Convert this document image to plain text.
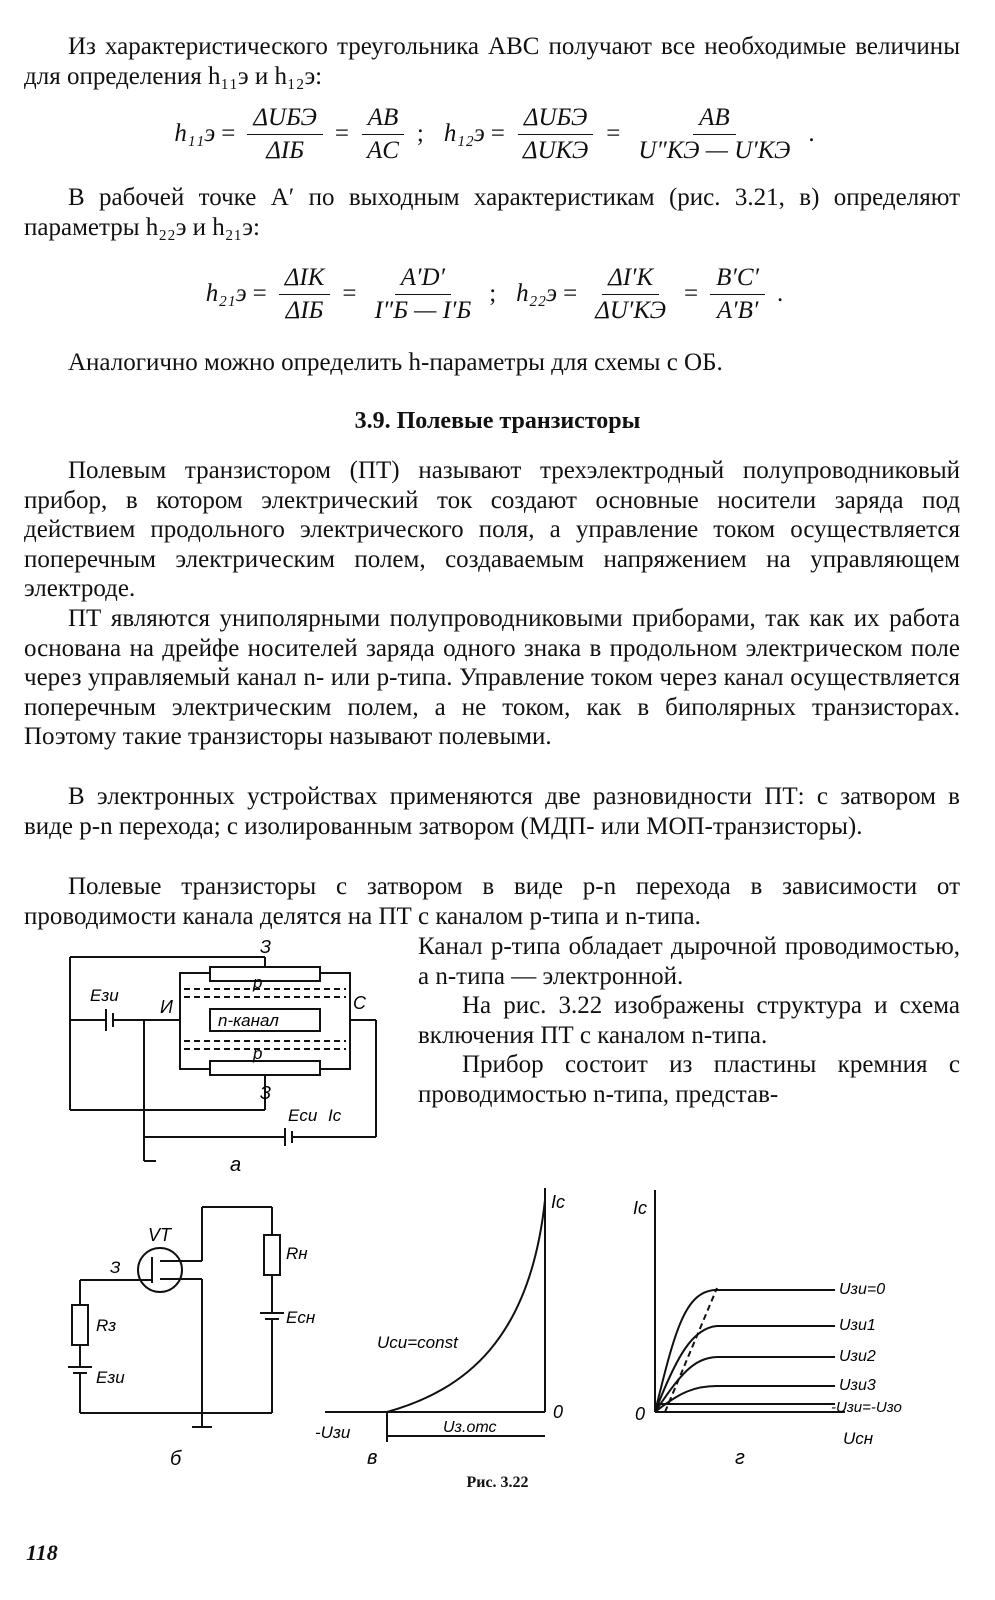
Из характеристического треугольника ABC получают все необходимые величины для определения h₁₁э и h₁₂э:

$h_{11}э = \frac{\text{ΔUБЭ}}{\text{ΔIБ}} = \frac{AB}{AC}$ ; $h_{12}э = \frac{\text{ΔUБЭ}}{\text{ΔUКЭ}} = \frac{AB}{U''КЭ — U'КЭ}$ .

В рабочей точке A′ по выходным характеристикам (рис. 3.21, в) определяют параметры h₂₂э и h₂₁э:

$h_{21}э = \frac{\text{ΔIК}}{\text{ΔIБ}} = \frac{A'D'}{I''Б — I'Б}$ ; $h_{22}э = \frac{\Delta I'К}{\Delta U'КЭ} = \frac{B'C'}{A'B'}$ .

Аналогично можно определить h-параметры для схемы с ОБ.

3.9. Полевые транзисторы

Полевым транзистором (ПТ) называют трехэлектродный полупроводниковый прибор, в котором электрический ток создают основные носители заряда под действием продольного электрического поля, а управление током осуществляется поперечным электрическим полем, создаваемым напряжением на управляющем электроде.

ПТ являются униполярными полупроводниковыми приборами, так как их работа основана на дрейфе носителей заряда одного знака в продольном электрическом поле через управляемый канал n- или p-типа. Управление током через канал осуществляется поперечным электрическим полем, а не током, как в биполярных транзисторах. Поэтому такие транзисторы называют полевыми.

В электронных устройствах применяются две разновидности ПТ: с затвором в виде p-n перехода; с изолированным затвором (МДП- или МОП-транзисторы).

Полевые транзисторы с затвором в виде p-n перехода в зависимости от проводимости канала делятся на ПТ с каналом p-типа и n-типа.

Канал p-типа обладает дырочной проводимостью, а n-типа — электронной.

На рис. 3.22 изображены структура и схема включения ПТ с каналом n-типа.

Прибор состоит из пластины кремния с проводимостью n-типа, представ-

З
p
n-канал
p
З
И	С
Eзи
Eси Iс
а
VT
З
Rз
Rн
Eсн
Eзи
б
Iс
Uси=const
0
-Uзи	Uз.отс
в
Iс
0
Uсн
Uзи=0
Uзи1
Uзи2
Uзи3
-Uзи=-Uзо
г
Рис. 3.22
118
